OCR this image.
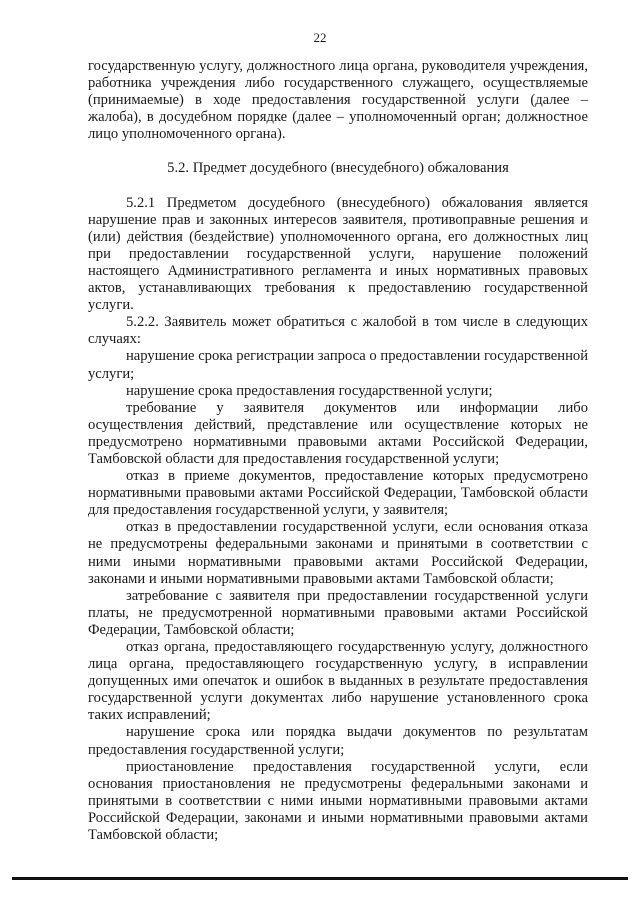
22

государственную услугу, должностного лица органа, руководителя учреждения, работника учреждения либо государственного служащего, осуществляемые (принимаемые) в ходе предоставления государственной услуги (далее – жалоба), в досудебном порядке (далее – уполномоченный орган; должностное лицо уполномоченного органа).

5.2. Предмет досудебного (внесудебного) обжалования

5.2.1 Предметом досудебного (внесудебного) обжалования является нарушение прав и законных интересов заявителя, противоправные решения и (или) действия (бездействие) уполномоченного органа, его должностных лиц при предоставлении государственной услуги, нарушение положений настоящего Административного регламента и иных нормативных правовых актов, устанавливающих требования к предоставлению государственной услуги.

5.2.2. Заявитель может обратиться с жалобой в том числе в следующих случаях:

нарушение срока регистрации запроса о предоставлении государственной услуги;

нарушение срока предоставления государственной услуги;

требование у заявителя документов или информации либо осуществления действий, представление или осуществление которых не предусмотрено нормативными правовыми актами Российской Федерации, Тамбовской области для предоставления государственной услуги;

отказ в приеме документов, предоставление которых предусмотрено нормативными правовыми актами Российской Федерации, Тамбовской области для предоставления государственной услуги, у заявителя;

отказ в предоставлении государственной услуги, если основания отказа не предусмотрены федеральными законами и принятыми в соответствии с ними иными нормативными правовыми актами Российской Федерации, законами и иными нормативными правовыми актами Тамбовской области;

затребование с заявителя при предоставлении государственной услуги платы, не предусмотренной нормативными правовыми актами Российской Федерации, Тамбовской области;

отказ органа, предоставляющего государственную услугу, должностного лица органа, предоставляющего государственную услугу, в исправлении допущенных ими опечаток и ошибок в выданных в результате предоставления государственной услуги документах либо нарушение установленного срока таких исправлений;

нарушение срока или порядка выдачи документов по результатам предоставления государственной услуги;

приостановление предоставления государственной услуги, если основания приостановления не предусмотрены федеральными законами и принятыми в соответствии с ними иными нормативными правовыми актами Российской Федерации, законами и иными нормативными правовыми актами Тамбовской области;
